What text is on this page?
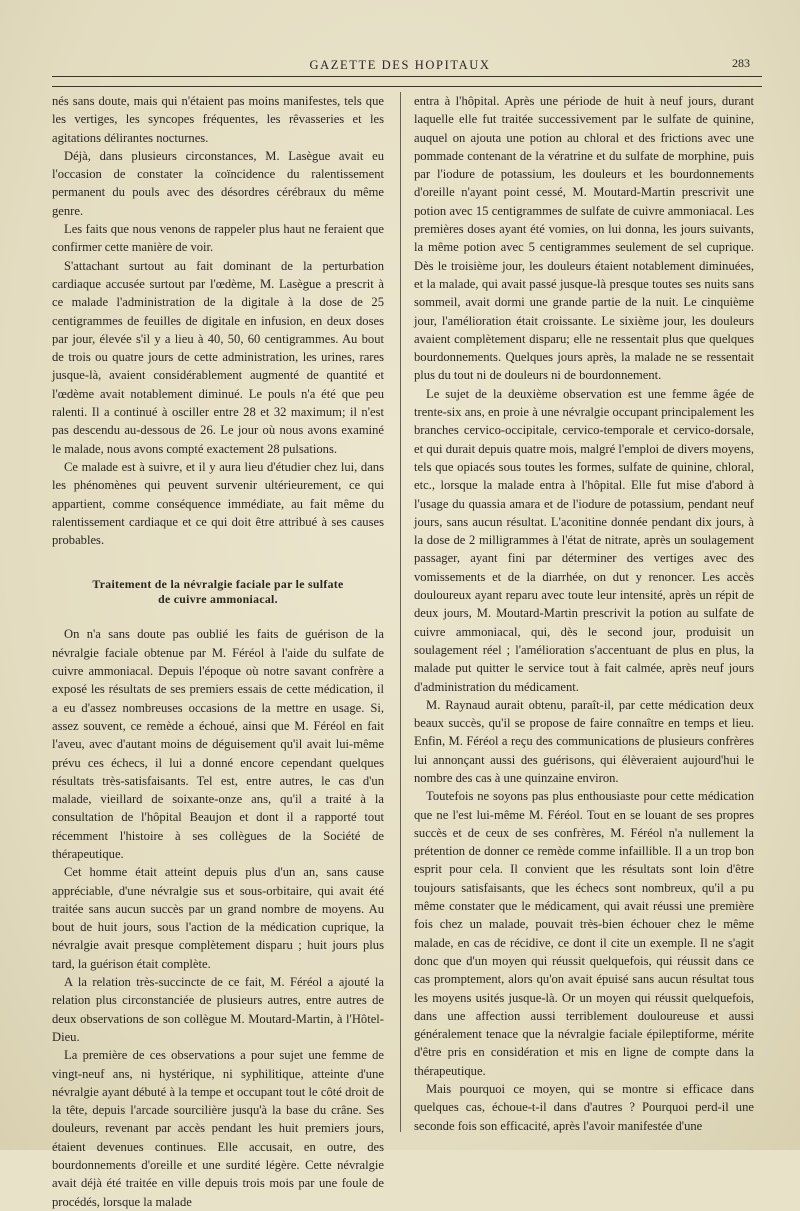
GAZETTE DES HOPITAUX	283

nés sans doute, mais qui n'étaient pas moins manifestes, tels que les vertiges, les syncopes fréquentes, les rêvasseries et les agitations délirantes nocturnes.

Déjà, dans plusieurs circonstances, M. Lasègue avait eu l'occasion de constater la coïncidence du ralentissement permanent du pouls avec des désordres cérébraux du même genre.

Les faits que nous venons de rappeler plus haut ne feraient que confirmer cette manière de voir.

S'attachant surtout au fait dominant de la perturbation cardiaque accusée surtout par l'œdème, M. Lasègue a prescrit à ce malade l'administration de la digitale à la dose de 25 centigrammes de feuilles de digitale en infusion, en deux doses par jour, élevée s'il y a lieu à 40, 50, 60 centigrammes. Au bout de trois ou quatre jours de cette administration, les urines, rares jusque-là, avaient considérablement augmenté de quantité et l'œdème avait notablement diminué. Le pouls n'a été que peu ralenti. Il a continué à osciller entre 28 et 32 maximum; il n'est pas descendu au-dessous de 26. Le jour où nous avons examiné le malade, nous avons compté exactement 28 pulsations.

Ce malade est à suivre, et il y aura lieu d'étudier chez lui, dans les phénomènes qui peuvent survenir ultérieurement, ce qui appartient, comme conséquence immédiate, au fait même du ralentissement cardiaque et ce qui doit être attribué à ses causes probables.

Traitement de la névralgie faciale par le sulfate
de cuivre ammoniacal.

On n'a sans doute pas oublié les faits de guérison de la névralgie faciale obtenue par M. Féréol à l'aide du sulfate de cuivre ammoniacal. Depuis l'époque où notre savant confrère a exposé les résultats de ses premiers essais de cette médication, il a eu d'assez nombreuses occasions de la mettre en usage. Si, assez souvent, ce remède a échoué, ainsi que M. Féréol en fait l'aveu, avec d'autant moins de déguisement qu'il avait lui-même prévu ces échecs, il lui a donné encore cependant quelques résultats très-satisfaisants. Tel est, entre autres, le cas d'un malade, vieillard de soixante-onze ans, qu'il a traité à la consultation de l'hôpital Beaujon et dont il a rapporté tout récemment l'histoire à ses collègues de la Société de thérapeutique.

Cet homme était atteint depuis plus d'un an, sans cause appréciable, d'une névralgie sus et sous-orbitaire, qui avait été traitée sans aucun succès par un grand nombre de moyens. Au bout de huit jours, sous l'action de la médication cuprique, la névralgie avait presque complètement disparu ; huit jours plus tard, la guérison était complète.

A la relation très-succincte de ce fait, M. Féréol a ajouté la relation plus circonstanciée de plusieurs autres, entre autres de deux observations de son collègue M. Moutard-Martin, à l'Hôtel-Dieu.

La première de ces observations a pour sujet une femme de vingt-neuf ans, ni hystérique, ni syphilitique, atteinte d'une névralgie ayant débuté à la tempe et occupant tout le côté droit de la tête, depuis l'arcade sourcilière jusqu'à la base du crâne. Ses douleurs, revenant par accès pendant les huit premiers jours, étaient devenues continues. Elle accusait, en outre, des bourdonnements d'oreille et une surdité légère. Cette névralgie avait déjà été traitée en ville depuis trois mois par une foule de procédés, lorsque la malade

entra à l'hôpital. Après une période de huit à neuf jours, durant laquelle elle fut traitée successivement par le sulfate de quinine, auquel on ajouta une potion au chloral et des frictions avec une pommade contenant de la vératrine et du sulfate de morphine, puis par l'iodure de potassium, les douleurs et les bourdonnements d'oreille n'ayant point cessé, M. Moutard-Martin prescrivit une potion avec 15 centigrammes de sulfate de cuivre ammoniacal. Les premières doses ayant été vomies, on lui donna, les jours suivants, la même potion avec 5 centigrammes seulement de sel cuprique. Dès le troisième jour, les douleurs étaient notablement diminuées, et la malade, qui avait passé jusque-là presque toutes ses nuits sans sommeil, avait dormi une grande partie de la nuit. Le cinquième jour, l'amélioration était croissante. Le sixième jour, les douleurs avaient complètement disparu; elle ne ressentait plus que quelques bourdonnements. Quelques jours après, la malade ne se ressentait plus du tout ni de douleurs ni de bourdonnement.

Le sujet de la deuxième observation est une femme âgée de trente-six ans, en proie à une névralgie occupant principalement les branches cervico-occipitale, cervico-temporale et cervico-dorsale, et qui durait depuis quatre mois, malgré l'emploi de divers moyens, tels que opiacés sous toutes les formes, sulfate de quinine, chloral, etc., lorsque la malade entra à l'hôpital. Elle fut mise d'abord à l'usage du quassia amara et de l'iodure de potassium, pendant neuf jours, sans aucun résultat. L'aconitine donnée pendant dix jours, à la dose de 2 milligrammes à l'état de nitrate, après un soulagement passager, ayant fini par déterminer des vertiges avec des vomissements et de la diarrhée, on dut y renoncer. Les accès douloureux ayant reparu avec toute leur intensité, après un répit de deux jours, M. Moutard-Martin prescrivit la potion au sulfate de cuivre ammoniacal, qui, dès le second jour, produisit un soulagement réel ; l'amélioration s'accentuant de plus en plus, la malade put quitter le service tout à fait calmée, après neuf jours d'administration du médicament.

M. Raynaud aurait obtenu, paraît-il, par cette médication deux beaux succès, qu'il se propose de faire connaître en temps et lieu. Enfin, M. Féréol a reçu des communications de plusieurs confrères lui annonçant aussi des guérisons, qui élèveraient aujourd'hui le nombre des cas à une quinzaine environ.

Toutefois ne soyons pas plus enthousiaste pour cette médication que ne l'est lui-même M. Féréol. Tout en se louant de ses propres succès et de ceux de ses confrères, M. Féréol n'a nullement la prétention de donner ce remède comme infaillible. Il a un trop bon esprit pour cela. Il convient que les résultats sont loin d'être toujours satisfaisants, que les échecs sont nombreux, qu'il a pu même constater que le médicament, qui avait réussi une première fois chez un malade, pouvait très-bien échouer chez le même malade, en cas de récidive, ce dont il cite un exemple. Il ne s'agit donc que d'un moyen qui réussit quelquefois, qui réussit dans ce cas promptement, alors qu'on avait épuisé sans aucun résultat tous les moyens usités jusque-là. Or un moyen qui réussit quelquefois, dans une affection aussi terriblement douloureuse et aussi généralement tenace que la névralgie faciale épileptiforme, mérite d'être pris en considération et mis en ligne de compte dans la thérapeutique.

Mais pourquoi ce moyen, qui se montre si efficace dans quelques cas, échoue-t-il dans d'autres ? Pourquoi perd-il une seconde fois son efficacité, après l'avoir manifestée d'une
